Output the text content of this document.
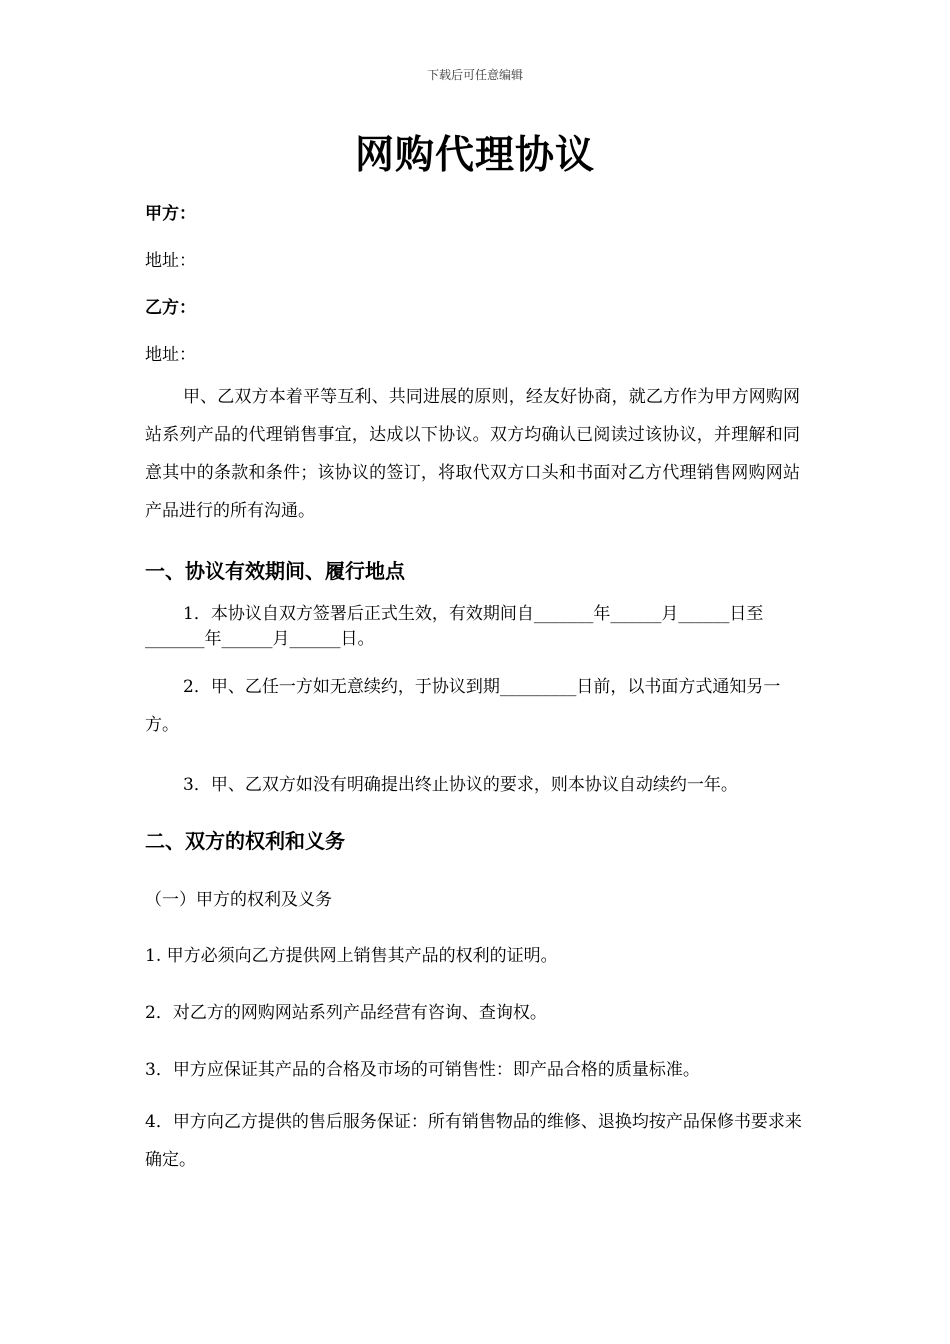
下载后可任意编辑
网购代理协议
甲方：
地址：
乙方：
地址：
甲、乙双方本着平等互利、共同进展的原则，经友好协商，就乙方作为甲方网购网站系列产品的代理销售事宜，达成以下协议。双方均确认已阅读过该协议，并理解和同意其中的条款和条件；该协议的签订，将取代双方口头和书面对乙方代理销售网购网站产品进行的所有沟通。
一、协议有效期间、履行地点
1．本协议自双方签署后正式生效，有效期间自_______年______月______日至_______年______月______日。
2．甲、乙任一方如无意续约，于协议到期_________日前，以书面方式通知另一方。
3．甲、乙双方如没有明确提出终止协议的要求，则本协议自动续约一年。
二、双方的权利和义务
（一）甲方的权利及义务
1. 甲方必须向乙方提供网上销售其产品的权利的证明。
2．对乙方的网购网站系列产品经营有咨询、查询权。
3．甲方应保证其产品的合格及市场的可销售性：即产品合格的质量标准。
4．甲方向乙方提供的售后服务保证：所有销售物品的维修、退换均按产品保修书要求来确定。
